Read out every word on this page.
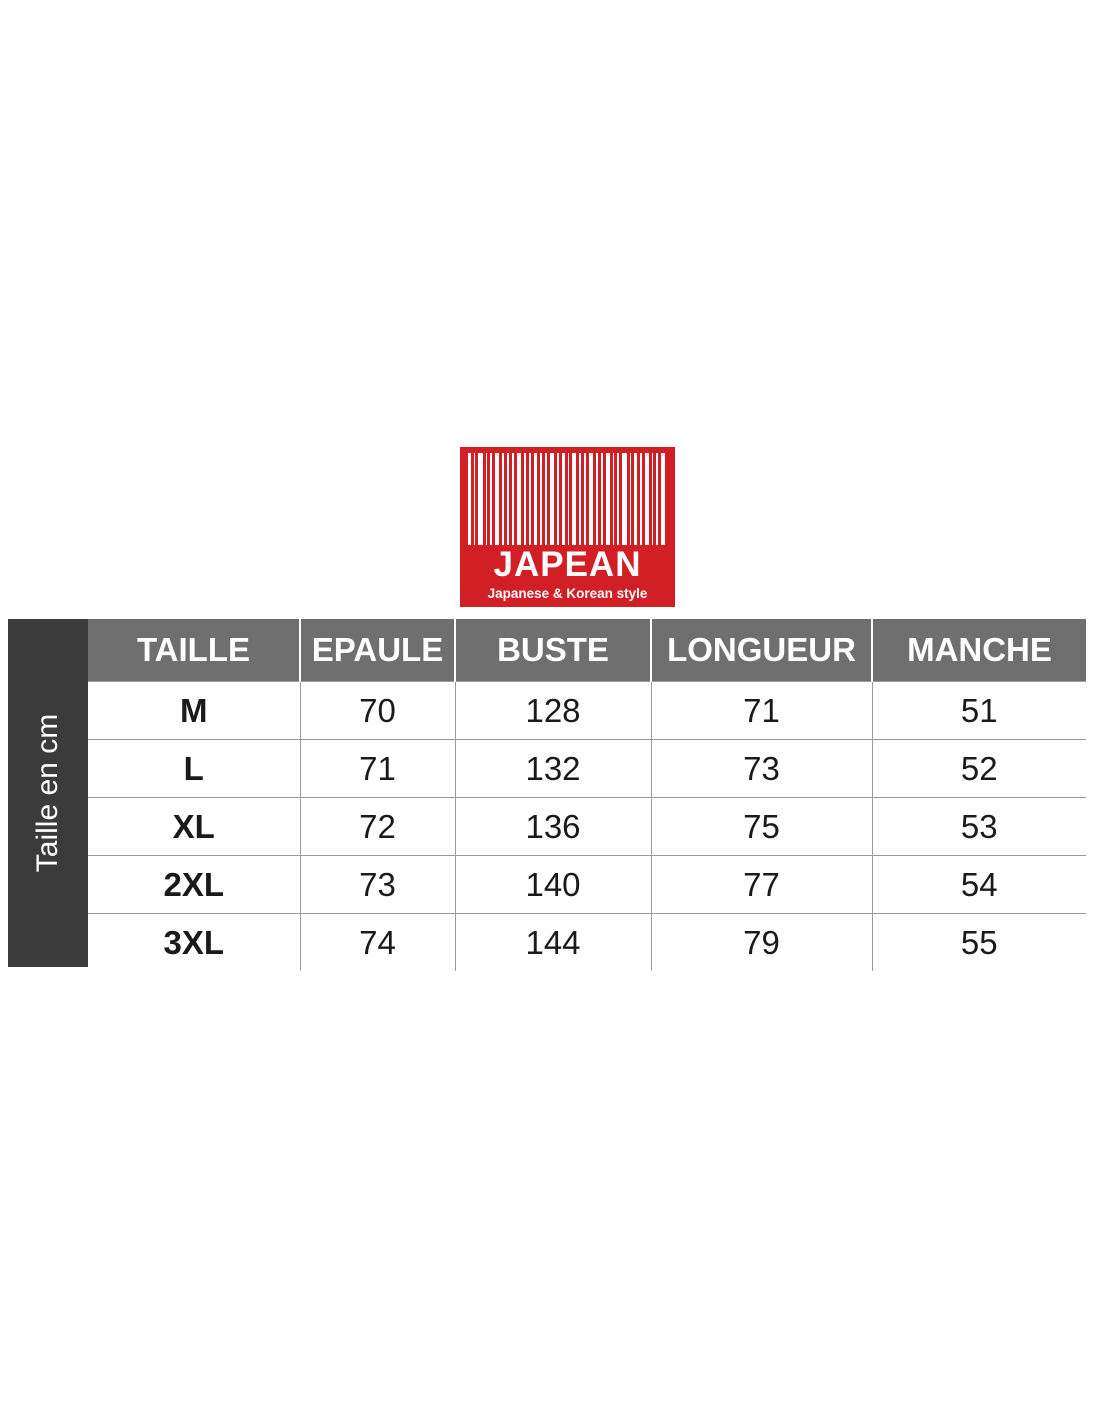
JAPEAN
Japanese & Korean style
Taille en cm
TAILLE	EPAULE	BUSTE	LONGUEUR	MANCHE
M	70	128	71	51
L	71	132	73	52
XL	72	136	75	53
2XL	73	140	77	54
3XL	74	144	79	55
